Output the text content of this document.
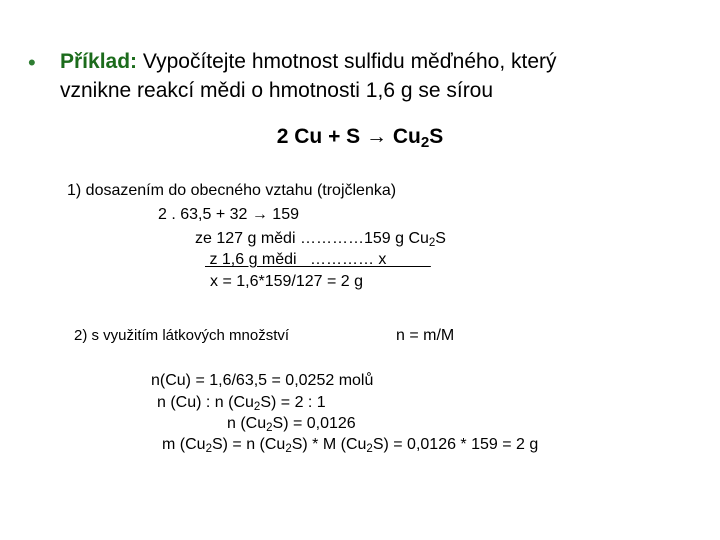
• Příklad: Vypočítejte hmotnost sulfidu měďného, který
vznikne reakcí mědi o hmotnosti 1,6 g se sírou
2 $Cu + S \to Cu_2S$
1) dosazením do obecného vztahu (trojčlenka)
2 . 63,5 + 32 → 159
ze 127 g mědi …………159 g $Cu_2S$
z 1,6 g mědi   ………… x
x = 1,6*159/127 = 2 g
2) s využitím látkových množství	n = m/M
n(Cu) = 1,6/63,5 = 0,0252 molů
n (Cu) : n $(Cu_2S) = 2$ : 1
n $(Cu_2S) = 0,0126$
m $(Cu_2S) = n$ $(Cu_2S)$ * M $(Cu_2S) = 0,0126 * 159 = 2$ g
